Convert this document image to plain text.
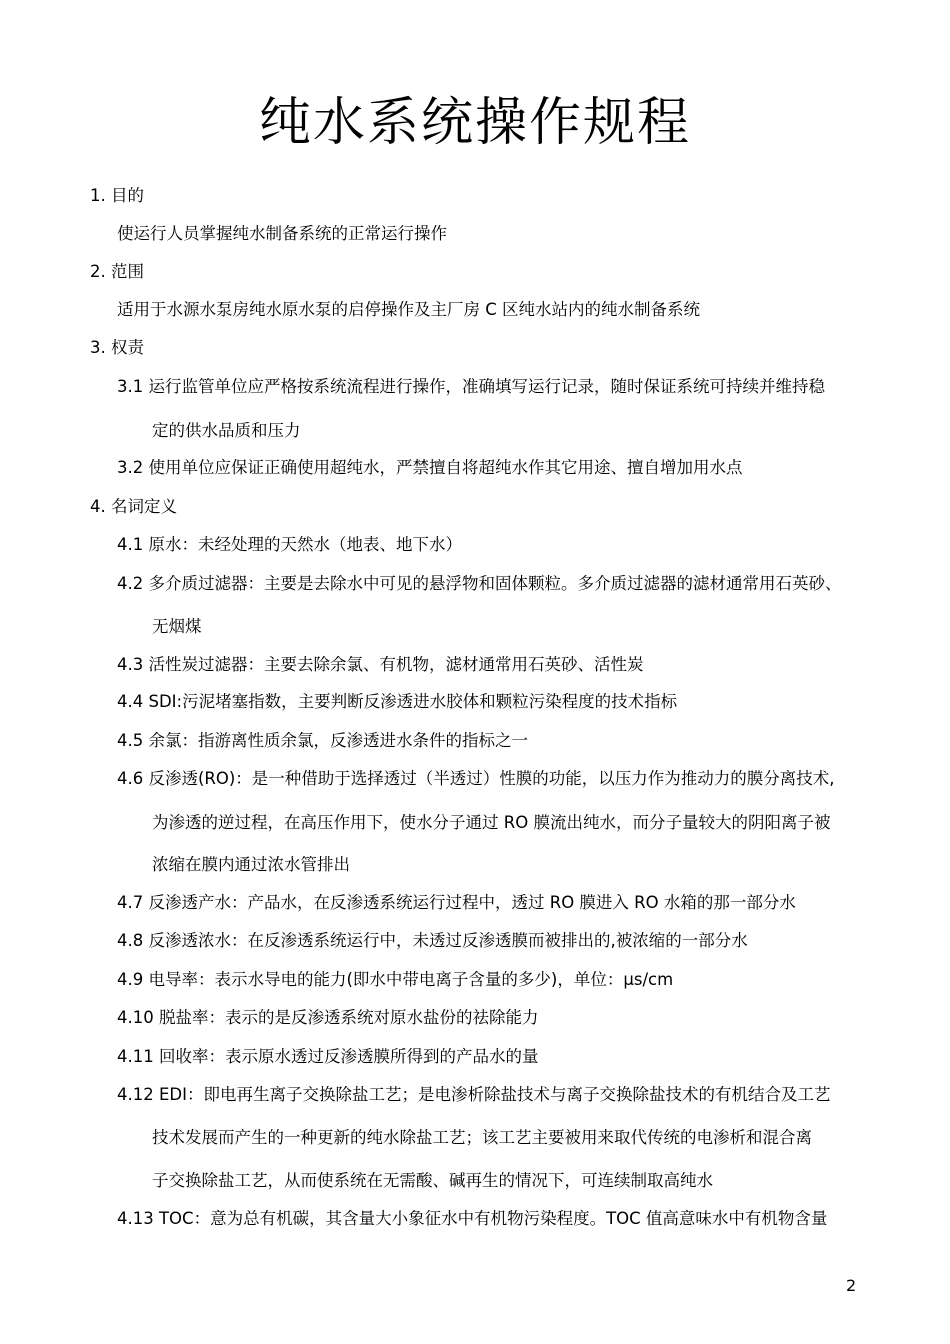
纯水系统操作规程
1. 目的
使运行人员掌握纯水制备系统的正常运行操作
2. 范围
适用于水源水泵房纯水原水泵的启停操作及主厂房 C 区纯水站内的纯水制备系统
3. 权责
3.1 运行监管单位应严格按系统流程进行操作，准确填写运行记录，随时保证系统可持续并维持稳
定的供水品质和压力
3.2 使用单位应保证正确使用超纯水，严禁擅自将超纯水作其它用途、擅自增加用水点
4. 名词定义
4.1 原水：未经处理的天然水（地表、地下水）
4.2 多介质过滤器：主要是去除水中可见的悬浮物和固体颗粒。多介质过滤器的滤材通常用石英砂、
无烟煤
4.3 活性炭过滤器：主要去除余氯、有机物，滤材通常用石英砂、活性炭
4.4 SDI:污泥堵塞指数，主要判断反渗透进水胶体和颗粒污染程度的技术指标
4.5 余氯：指游离性质余氯，反渗透进水条件的指标之一
4.6 反渗透(RO)：是一种借助于选择透过（半透过）性膜的功能，以压力作为推动力的膜分离技术,
为渗透的逆过程，在高压作用下，使水分子通过 RO 膜流出纯水，而分子量较大的阴阳离子被
浓缩在膜内通过浓水管排出
4.7 反渗透产水：产品水，在反渗透系统运行过程中，透过 RO 膜进入 RO 水箱的那一部分水
4.8 反渗透浓水：在反渗透系统运行中，未透过反渗透膜而被排出的,被浓缩的一部分水
4.9 电导率：表示水导电的能力(即水中带电离子含量的多少)，单位：μs/cm
4.10 脱盐率：表示的是反渗透系统对原水盐份的祛除能力
4.11 回收率：表示原水透过反渗透膜所得到的产品水的量
4.12 EDI：即电再生离子交换除盐工艺；是电渗析除盐技术与离子交换除盐技术的有机结合及工艺
技术发展而产生的一种更新的纯水除盐工艺；该工艺主要被用来取代传统的电渗析和混合离
子交换除盐工艺，从而使系统在无需酸、碱再生的情况下，可连续制取高纯水
4.13 TOC：意为总有机碳，其含量大小象征水中有机物污染程度。TOC 值高意味水中有机物含量
2
